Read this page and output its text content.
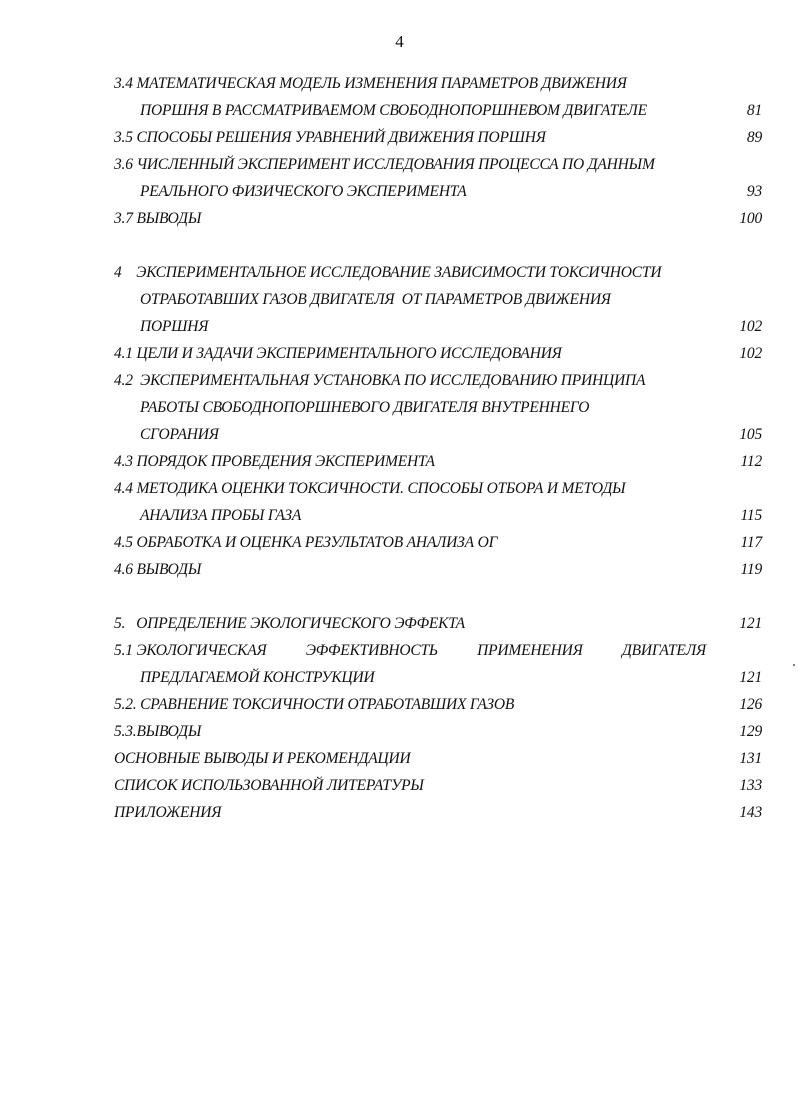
4
3.4 МАТЕМАТИЧЕСКАЯ МОДЕЛЬ ИЗМЕНЕНИЯ ПАРАМЕТРОВ ДВИЖЕНИЯ
ПОРШНЯ В РАССМАТРИВАЕМОМ СВОБОДНОПОРШНЕВОМ ДВИГАТЕЛЕ	81
3.5 СПОСОБЫ РЕШЕНИЯ УРАВНЕНИЙ ДВИЖЕНИЯ ПОРШНЯ	89
3.6 ЧИСЛЕННЫЙ ЭКСПЕРИМЕНТ ИССЛЕДОВАНИЯ ПРОЦЕССА ПО ДАННЫМ
РЕАЛЬНОГО ФИЗИЧЕСКОГО ЭКСПЕРИМЕНТА	93
3.7 ВЫВОДЫ	100
4    ЭКСПЕРИМЕНТАЛЬНОЕ ИССЛЕДОВАНИЕ ЗАВИСИМОСТИ ТОКСИЧНОСТИ
ОТРАБОТАВШИХ ГАЗОВ ДВИГАТЕЛЯ  ОТ ПАРАМЕТРОВ ДВИЖЕНИЯ
ПОРШНЯ	102
4.1 ЦЕЛИ И ЗАДАЧИ ЭКСПЕРИМЕНТАЛЬНОГО ИССЛЕДОВАНИЯ	102
4.2  ЭКСПЕРИМЕНТАЛЬНАЯ УСТАНОВКА ПО ИССЛЕДОВАНИЮ ПРИНЦИПА
РАБОТЫ СВОБОДНОПОРШНЕВОГО ДВИГАТЕЛЯ ВНУТРЕННЕГО
СГОРАНИЯ	105
4.3 ПОРЯДОК ПРОВЕДЕНИЯ ЭКСПЕРИМЕНТА	112
4.4 МЕТОДИКА ОЦЕНКИ ТОКСИЧНОСТИ. СПОСОБЫ ОТБОРА И МЕТОДЫ
АНАЛИЗА ПРОБЫ ГАЗА	115
4.5 ОБРАБОТКА И ОЦЕНКА РЕЗУЛЬТАТОВ АНАЛИЗА ОГ	117
4.6 ВЫВОДЫ	119
5.   ОПРЕДЕЛЕНИЕ ЭКОЛОГИЧЕСКОГО ЭФФЕКТА	121
5.1 ЭКОЛОГИЧЕСКАЯ	ЭФФЕКТИВНОСТЬ	ПРИМЕНЕНИЯ	ДВИГАТЕЛЯ
ПРЕДЛАГАЕМОЙ КОНСТРУКЦИИ	121
5.2. СРАВНЕНИЕ ТОКСИЧНОСТИ ОТРАБОТАВШИХ ГАЗОВ	126
5.3.ВЫВОДЫ	129
ОСНОВНЫЕ ВЫВОДЫ И РЕКОМЕНДАЦИИ	131
СПИСОК ИСПОЛЬЗОВАННОЙ ЛИТЕРАТУРЫ	133
ПРИЛОЖЕНИЯ	143
